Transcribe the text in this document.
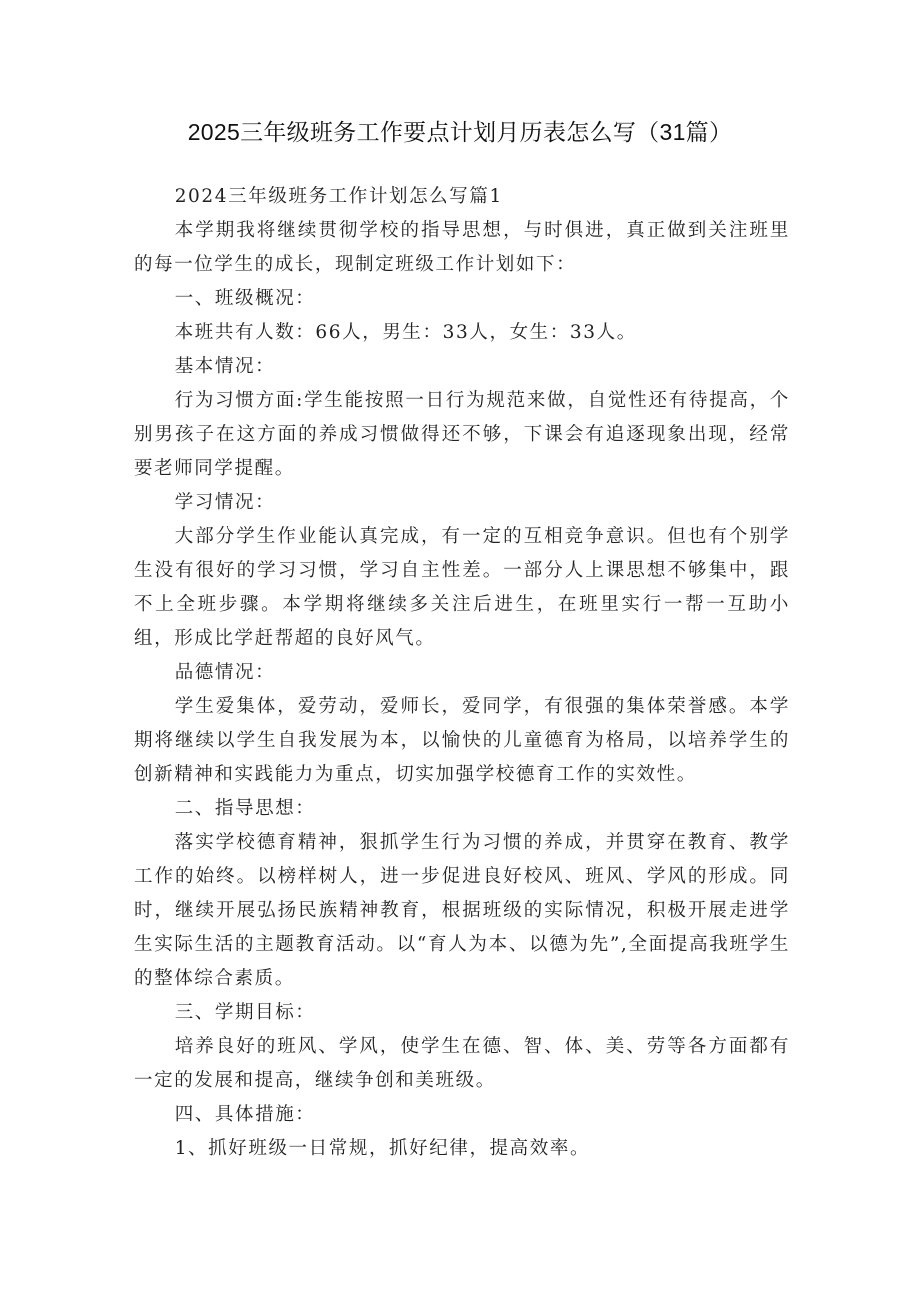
2025三年级班务工作要点计划月历表怎么写（31篇）

2024三年级班务工作计划怎么写篇1

本学期我将继续贯彻学校的指导思想，与时俱进，真正做到关注班里的每一位学生的成长，现制定班级工作计划如下：

一、班级概况：

本班共有人数：66人，男生：33人，女生：33人。

基本情况：

行为习惯方面:学生能按照一日行为规范来做，自觉性还有待提高，个别男孩子在这方面的养成习惯做得还不够，下课会有追逐现象出现，经常要老师同学提醒。

学习情况：

大部分学生作业能认真完成，有一定的互相竞争意识。但也有个别学生没有很好的学习习惯，学习自主性差。一部分人上课思想不够集中，跟不上全班步骤。本学期将继续多关注后进生，在班里实行一帮一互助小组，形成比学赶帮超的良好风气。

品德情况：

学生爱集体，爱劳动，爱师长，爱同学，有很强的集体荣誉感。本学期将继续以学生自我发展为本，以愉快的儿童德育为格局，以培养学生的创新精神和实践能力为重点，切实加强学校德育工作的实效性。

二、指导思想：

落实学校德育精神，狠抓学生行为习惯的养成，并贯穿在教育、教学工作的始终。以榜样树人，进一步促进良好校风、班风、学风的形成。同时，继续开展弘扬民族精神教育，根据班级的实际情况，积极开展走进学生实际生活的主题教育活动。以“育人为本、以德为先”,全面提高我班学生的整体综合素质。

三、学期目标：

培养良好的班风、学风，使学生在德、智、体、美、劳等各方面都有一定的发展和提高，继续争创和美班级。

四、具体措施：

1、抓好班级一日常规，抓好纪律，提高效率。
